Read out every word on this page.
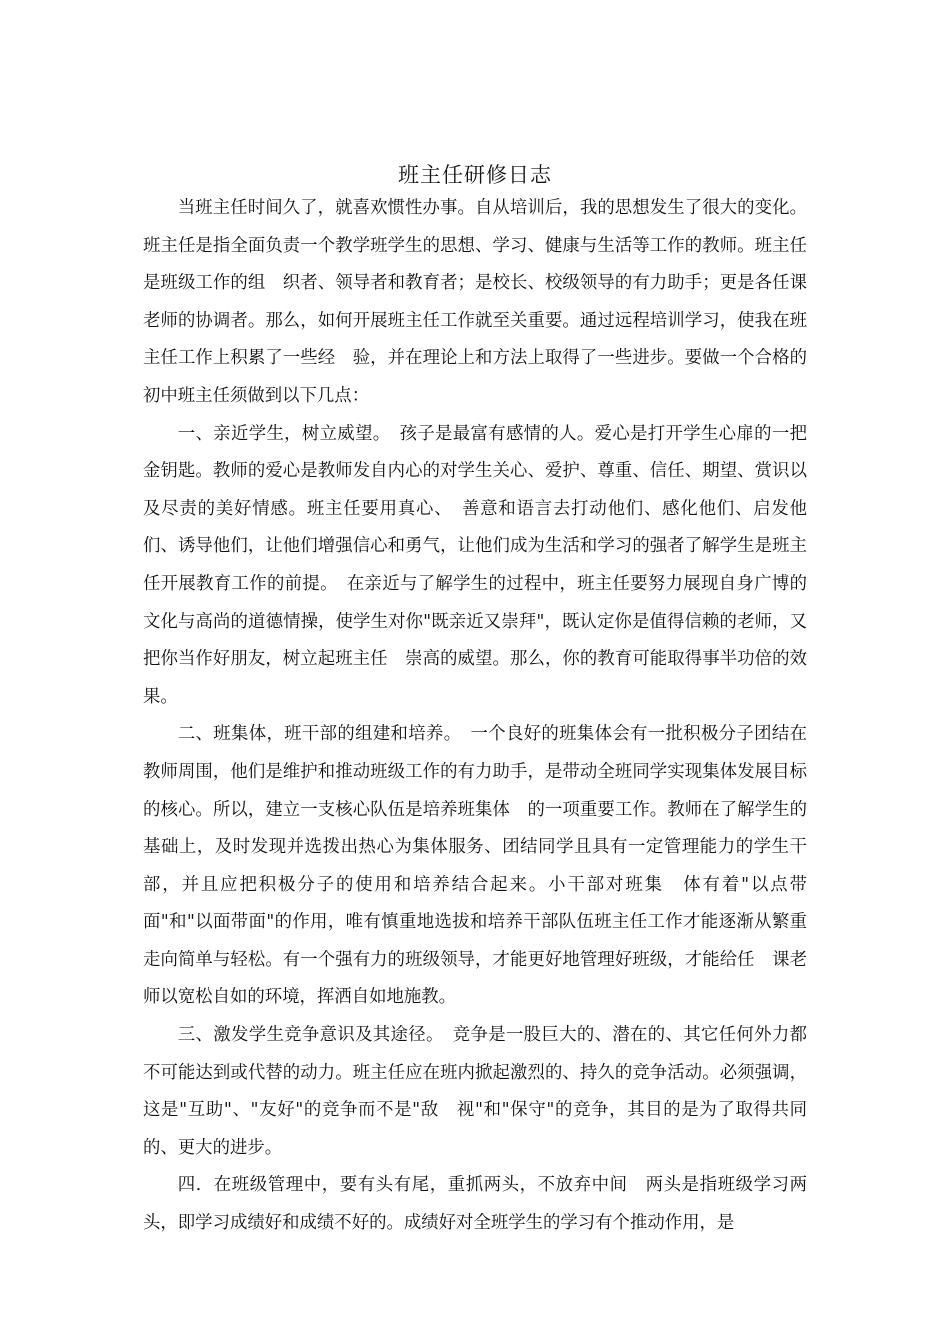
班主任研修日志

当班主任时间久了，就喜欢惯性办事。自从培训后，我的思想发生了很大的变化。班主任是指全面负责一个教学班学生的思想、学习、健康与生活等工作的教师。班主任是班级工作的组　织者、领导者和教育者；是校长、校级领导的有力助手；更是各任课老师的协调者。那么，如何开展班主任工作就至关重要。通过远程培训学习，使我在班主任工作上积累了一些经　验，并在理论上和方法上取得了一些进步。要做一个合格的初中班主任须做到以下几点：

一、亲近学生，树立威望。　孩子是最富有感情的人。爱心是打开学生心扉的一把金钥匙。教师的爱心是教师发自内心的对学生关心、爱护、尊重、信任、期望、赏识以及尽责的美好情感。班主任要用真心、　善意和语言去打动他们、感化他们、启发他们、诱导他们，让他们增强信心和勇气，让他们成为生活和学习的强者了解学生是班主任开展教育工作的前提。　在亲近与了解学生的过程中，班主任要努力展现自身广博的文化与高尚的道德情操，使学生对你"既亲近又崇拜"，既认定你是值得信赖的老师，又把你当作好朋友，树立起班主任　崇高的威望。那么，你的教育可能取得事半功倍的效果。

二、班集体，班干部的组建和培养。　一个良好的班集体会有一批积极分子团结在教师周围，他们是维护和推动班级工作的有力助手，是带动全班同学实现集体发展目标的核心。所以，建立一支核心队伍是培养班集体　的一项重要工作。教师在了解学生的基础上，及时发现并选拨出热心为集体服务、团结同学且具有一定管理能力的学生干部，并且应把积极分子的使用和培养结合起来。小干部对班集　体有着"以点带面"和"以面带面"的作用，唯有慎重地选拔和培养干部队伍班主任工作才能逐渐从繁重走向简单与轻松。有一个强有力的班级领导，才能更好地管理好班级，才能给任　课老师以宽松自如的环境，挥洒自如地施教。

三、激发学生竞争意识及其途径。　竞争是一股巨大的、潜在的、其它任何外力都不可能达到或代替的动力。班主任应在班内掀起激烈的、持久的竞争活动。必须强调，这是"互助"、"友好"的竞争而不是"敌　视"和"保守"的竞争，其目的是为了取得共同的、更大的进步。

四．在班级管理中，要有头有尾，重抓两头，不放弃中间　两头是指班级学习两头，即学习成绩好和成绩不好的。成绩好对全班学生的学习有个推动作用，是
